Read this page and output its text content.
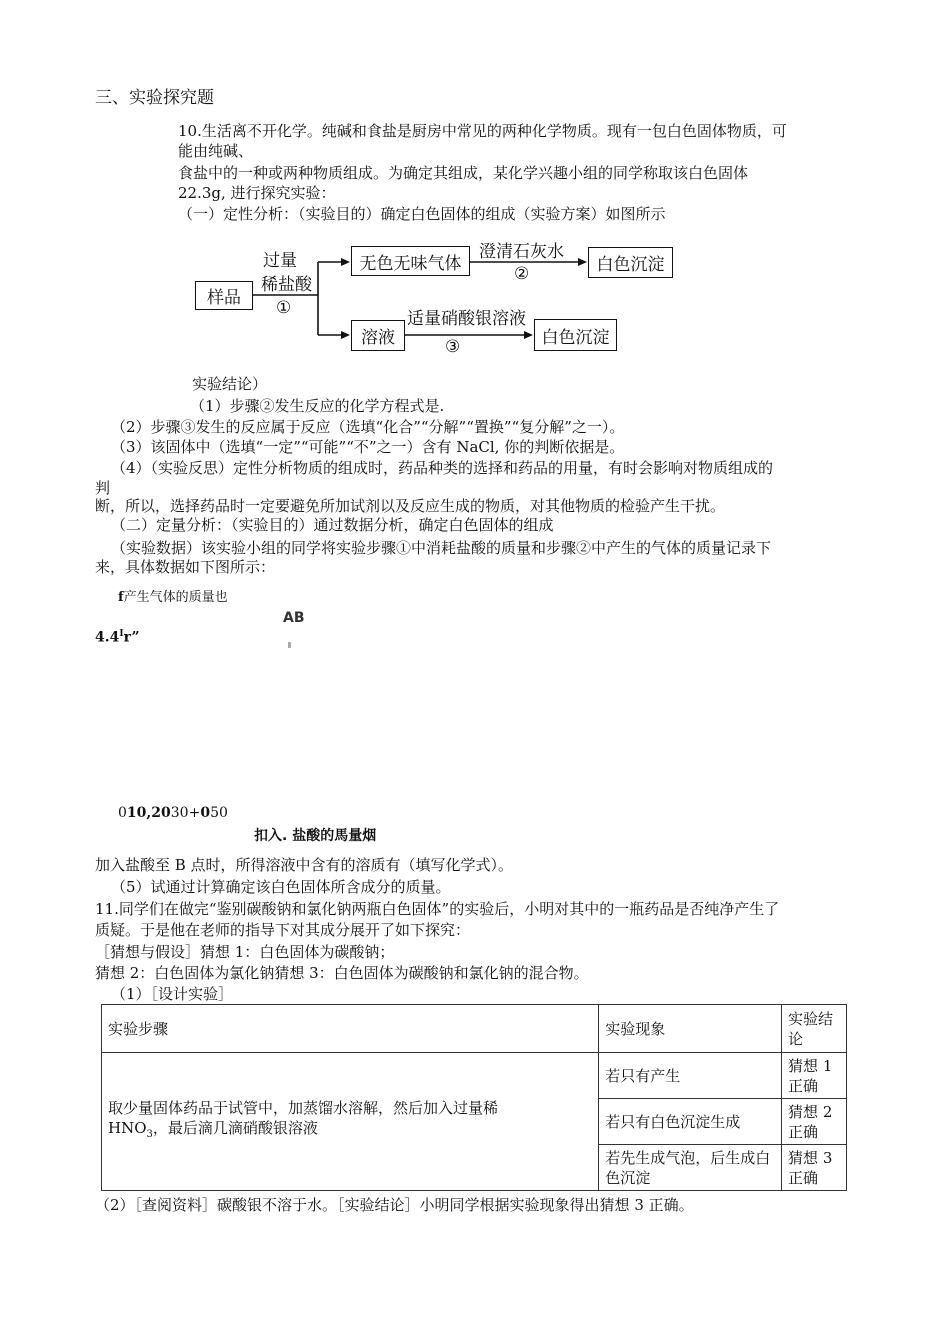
三、实验探究题
10.生活离不开化学。纯碱和食盐是厨房中常见的两种化学物质。现有一包白色固体物质，可
能由纯碱、
食盐中的一种或两种物质组成。为确定其组成，某化学兴趣小组的同学称取该白色固体
22.3g, 进行探究实验：
（一）定性分析：（实验目的）确定白色固体的组成（实验方案）如图所示
样品
过量
稀盐酸
①
无色无味气体
澄清石灰水
②	白色沉淀
溶液
适量硝酸银溶液
③	白色沉淀
实验结论）
（1）步骤②发生反应的化学方程式是.
（2）步骤③发生的反应属于反应（选填“化合”“分解”“置换”“复分解”之一）。
（3）该固体中（选填“一定”“可能”“不”之一）含有 NaCl, 你的判断依据是。
（4）（实验反思）定性分析物质的组成时，药品种类的选择和药品的用量，有时会影响对物质组成的
判
断，所以，选择药品时一定要避免所加试剂以及反应生成的物质，对其他物质的检验产生干扰。
（二）定量分析：（实验目的）通过数据分析，确定白色固体的组成
（实验数据）该实验小组的同学将实验步骤①中消耗盐酸的质量和步骤②中产生的气体的质量记录下
来，具体数据如下图所示：
f产生气体的质量也
AB
$4.4^Ir$”
010,2030+050
扣入. 盐酸的馬量烟
加入盐酸至 B 点时，所得溶液中含有的溶质有（填写化学式）。
（5）试通过计算确定该白色固体所含成分的质量。
11.同学们在做完“鉴别碳酸钠和氯化钠两瓶白色固体”的实验后，小明对其中的一瓶药品是否纯净产生了
质疑。于是他在老师的指导下对其成分展开了如下探究：
［猜想与假设］猜想 1：白色固体为碳酸钠；
猜想 2：白色固体为氯化钠猜想 3：白色固体为碳酸钠和氯化钠的混合物。
（1）［设计实验］
实验步骤	实验现象	实验结论

取少量固体药品于试管中，加蒸馏水溶解，然后加入过量稀
$HNO_3$，最后滴几滴硝酸银溶液	若只有产生	猜想 1 正确
	若只有白色沉淀生成	猜想 2 正确
	若先生成气泡，后生成白色沉淀	猜想 3 正确
（2）［查阅资料］碳酸银不溶于水。［实验结论］小明同学根据实验现象得出猜想 3 正确。
